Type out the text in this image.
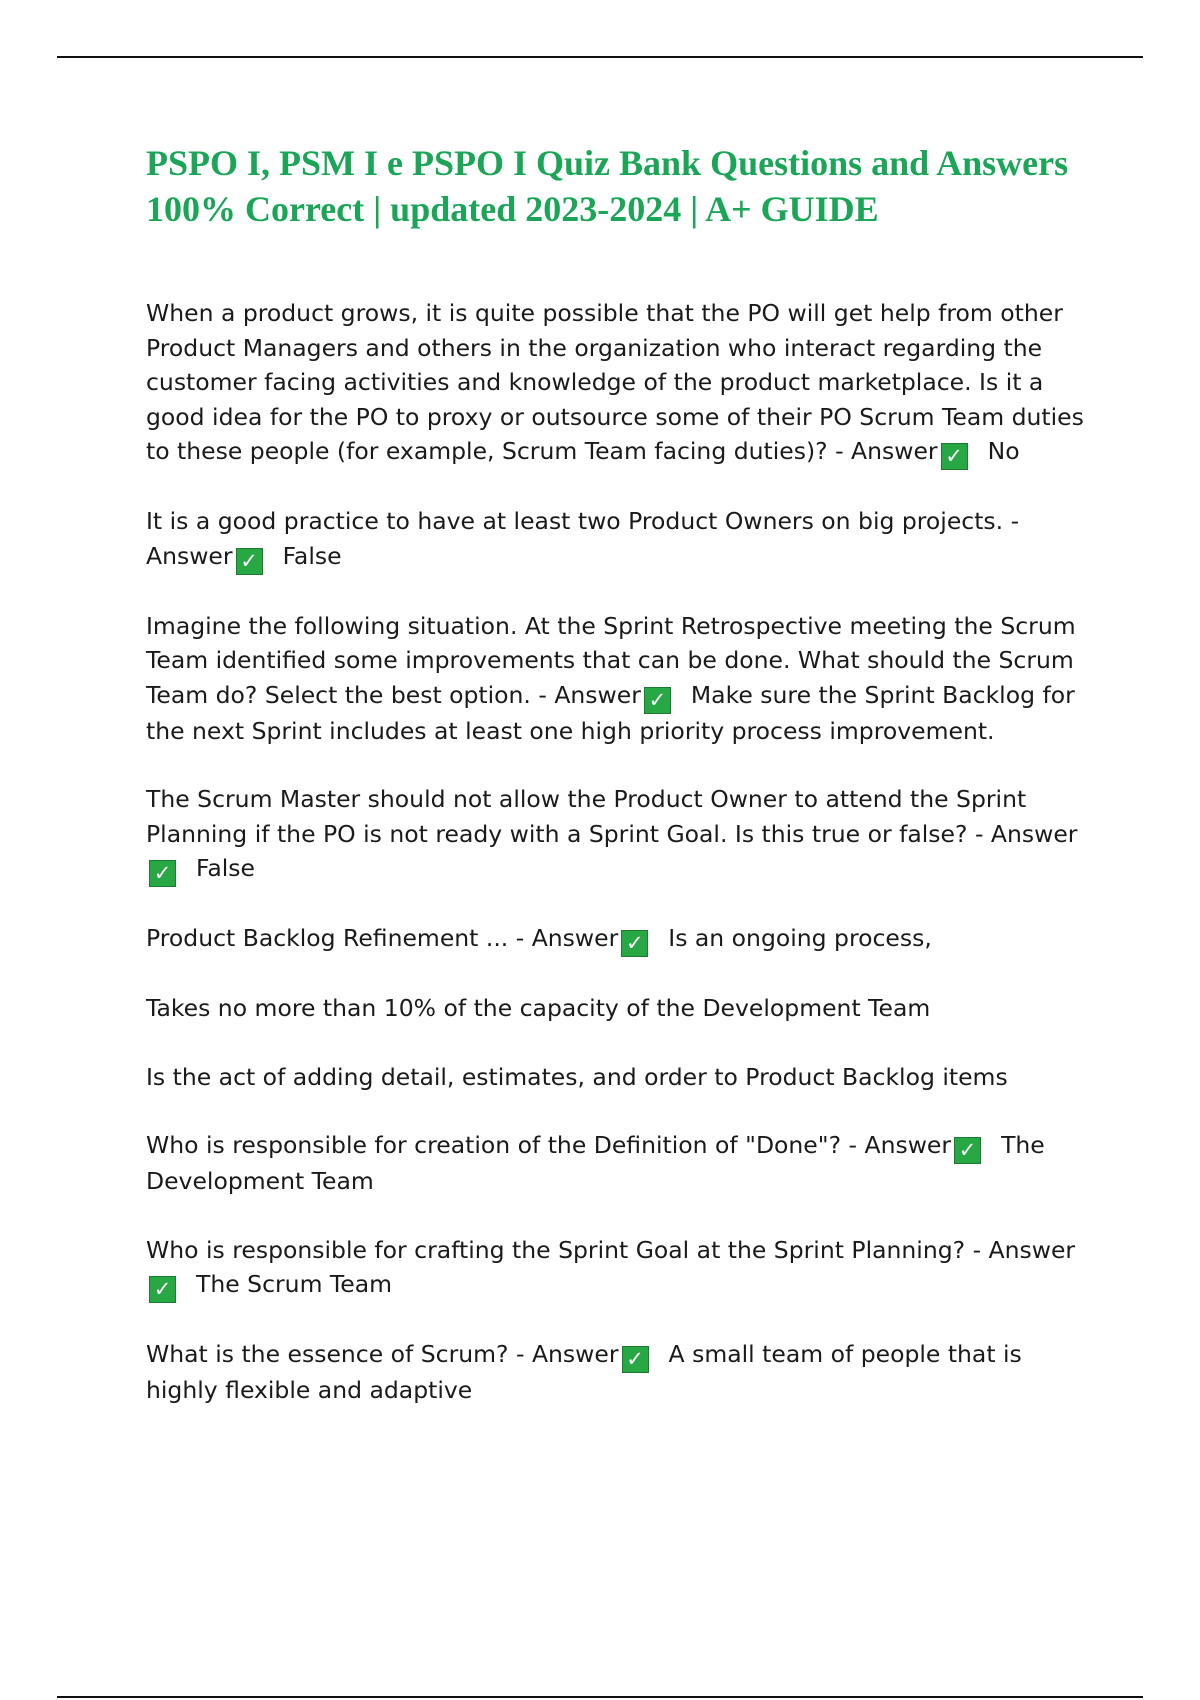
PSPO I, PSM I e PSPO I Quiz Bank Questions and Answers 100% Correct | updated 2023-2024 | A+ GUIDE

When a product grows, it is quite possible that the PO will get help from other Product Managers and others in the organization who interact regarding the customer facing activities and knowledge of the product marketplace. Is it a good idea for the PO to proxy or outsource some of their PO Scrum Team duties to these people (for example, Scrum Team facing duties)? - Answer ✓ No

It is a good practice to have at least two Product Owners on big projects. - Answer ✓ False

Imagine the following situation. At the Sprint Retrospective meeting the Scrum Team identified some improvements that can be done. What should the Scrum Team do? Select the best option. - Answer ✓ Make sure the Sprint Backlog for the next Sprint includes at least one high priority process improvement.

The Scrum Master should not allow the Product Owner to attend the Sprint Planning if the PO is not ready with a Sprint Goal. Is this true or false? - Answer✓ False

Product Backlog Refinement ... - Answer ✓ Is an ongoing process,

Takes no more than 10% of the capacity of the Development Team

Is the act of adding detail, estimates, and order to Product Backlog items

Who is responsible for creation of the Definition of "Done"? - Answer ✓ The Development Team

Who is responsible for crafting the Sprint Goal at the Sprint Planning? - Answer✓ The Scrum Team

What is the essence of Scrum? - Answer ✓ A small team of people that is highly flexible and adaptive
